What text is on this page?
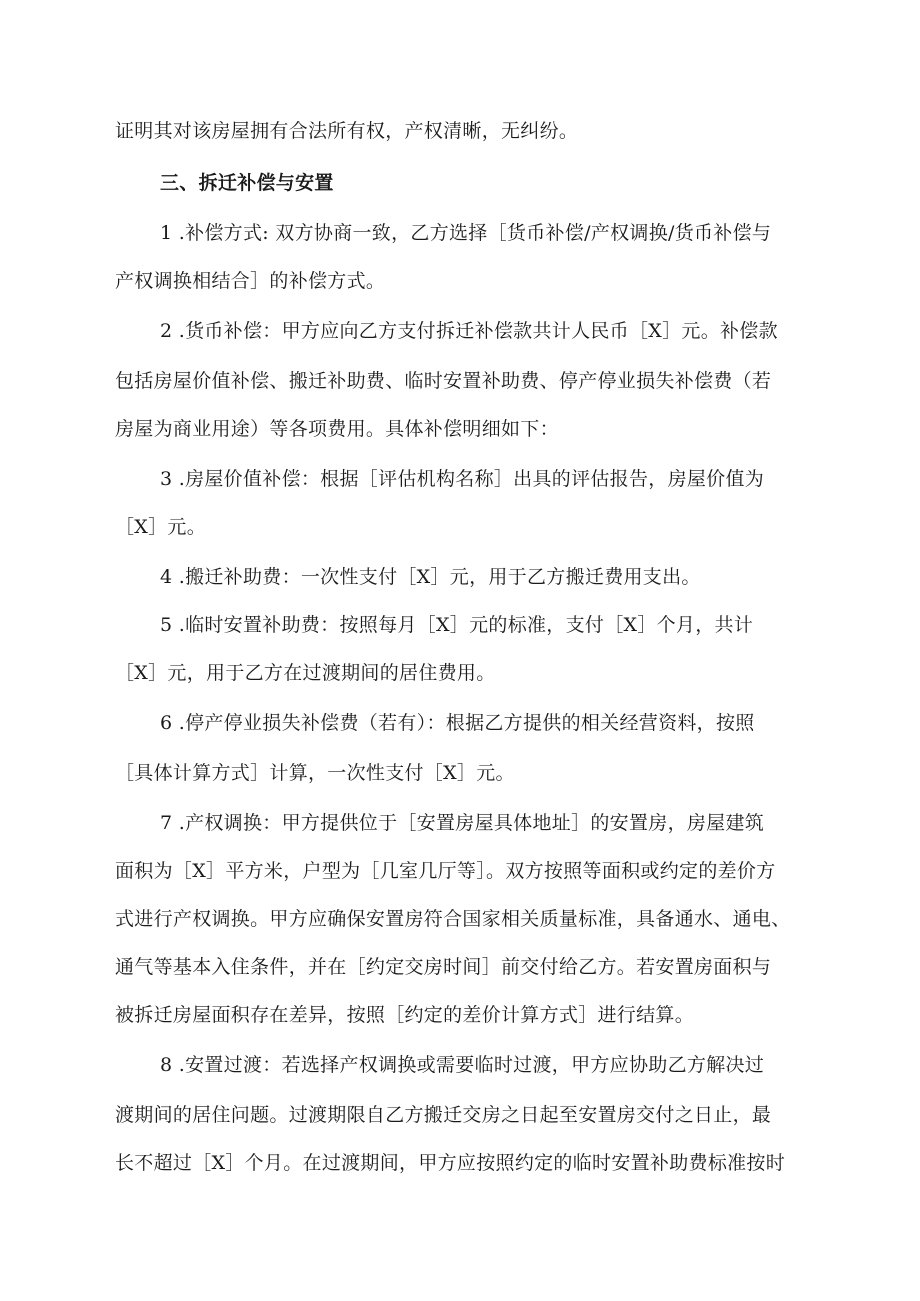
证明其对该房屋拥有合法所有权，产权清晰，无纠纷。
三、拆迁补偿与安置
1 .补偿方式: 双方协商一致，乙方选择［货币补偿/产权调换/货币补偿与
产权调换相结合］的补偿方式。
2 .货币补偿：甲方应向乙方支付拆迁补偿款共计人民币［X］元。补偿款
包括房屋价值补偿、搬迁补助费、临时安置补助费、停产停业损失补偿费（若
房屋为商业用途）等各项费用。具体补偿明细如下：
3 .房屋价值补偿：根据［评估机构名称］出具的评估报告，房屋价值为
［X］元。
4 .搬迁补助费：一次性支付［X］元，用于乙方搬迁费用支出。
5 .临时安置补助费：按照每月［X］元的标准，支付［X］个月，共计
［X］元，用于乙方在过渡期间的居住费用。
6 .停产停业损失补偿费（若有）：根据乙方提供的相关经营资料，按照
［具体计算方式］计算，一次性支付［X］元。
7 .产权调换：甲方提供位于［安置房屋具体地址］的安置房，房屋建筑
面积为［X］平方米，户型为［几室几厅等］。双方按照等面积或约定的差价方
式进行产权调换。甲方应确保安置房符合国家相关质量标准，具备通水、通电、
通气等基本入住条件，并在［约定交房时间］前交付给乙方。若安置房面积与
被拆迁房屋面积存在差异，按照［约定的差价计算方式］进行结算。
8 .安置过渡：若选择产权调换或需要临时过渡，甲方应协助乙方解决过
渡期间的居住问题。过渡期限自乙方搬迁交房之日起至安置房交付之日止，最
长不超过［X］个月。在过渡期间，甲方应按照约定的临时安置补助费标准按时
